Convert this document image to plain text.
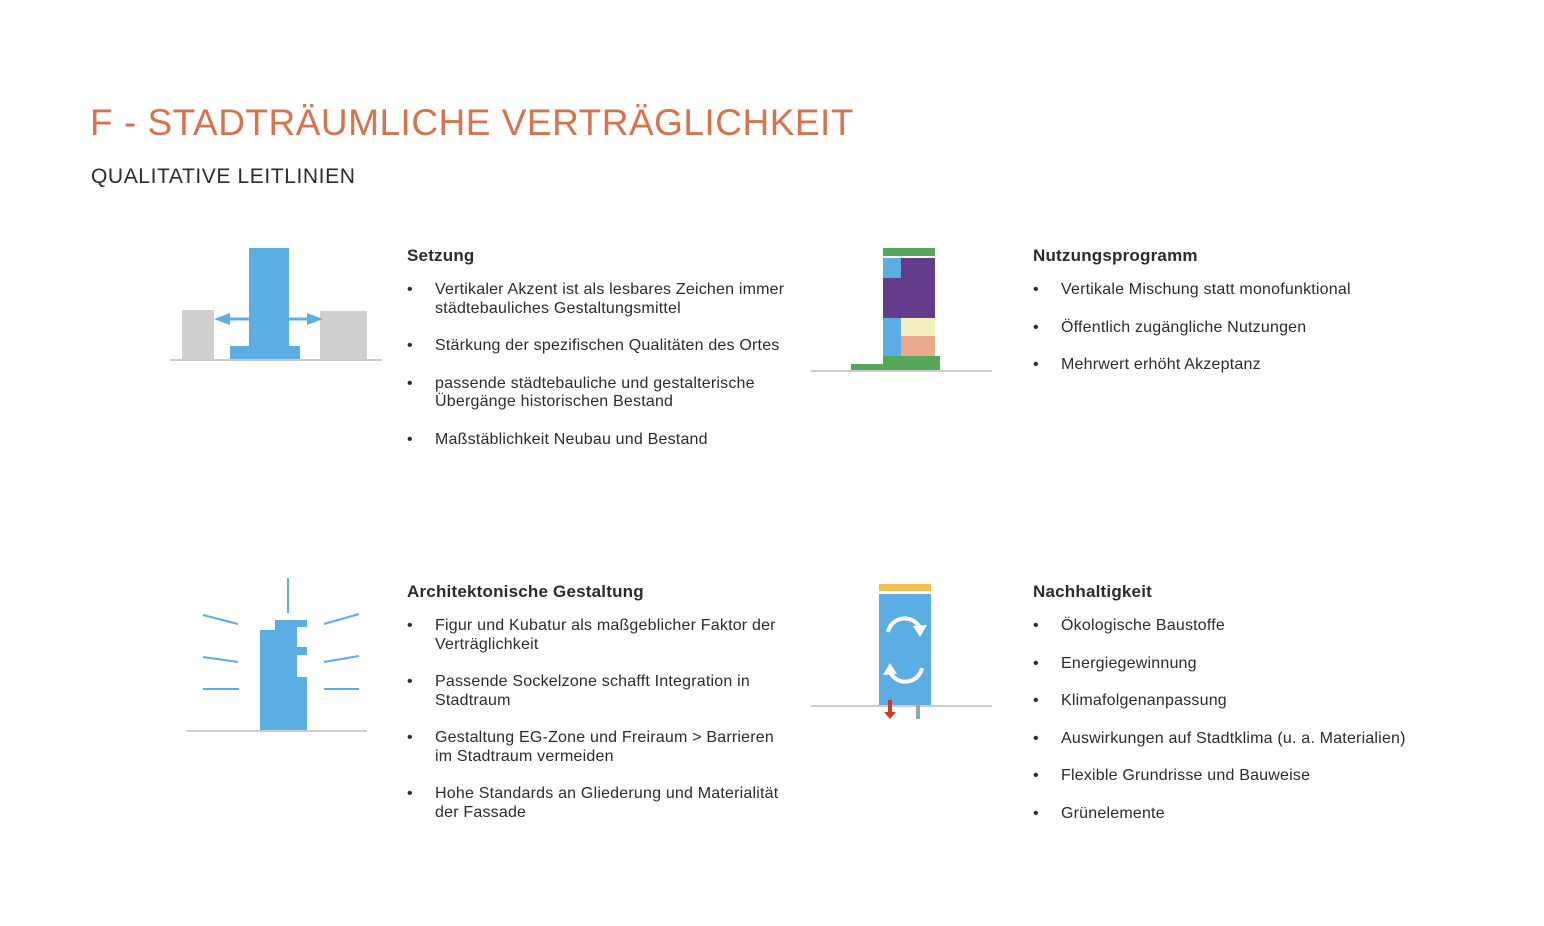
F - STADTRÄUMLICHE VERTRÄGLICHKEIT
QUALITATIVE LEITLINIEN
Setzung
• Vertikaler Akzent ist als lesbares Zeichen immer städtebauliches Gestaltungsmittel
• Stärkung der spezifischen Qualitäten des Ortes
• passende städtebauliche und gestalterische Übergänge historischen Bestand
• Maßstäblichkeit Neubau und Bestand
Nutzungsprogramm
• Vertikale Mischung statt monofunktional
• Öffentlich zugängliche Nutzungen
• Mehrwert erhöht Akzeptanz
Architektonische Gestaltung
• Figur und Kubatur als maßgeblicher Faktor der Verträglichkeit
• Passende Sockelzone schafft Integration in Stadtraum
• Gestaltung EG-Zone und Freiraum > Barrieren im Stadtraum vermeiden
• Hohe Standards an Gliederung und Materialität der Fassade
Nachhaltigkeit
• Ökologische Baustoffe
• Energiegewinnung
• Klimafolgenanpassung
• Auswirkungen auf Stadtklima (u. a. Materialien)
• Flexible Grundrisse und Bauweise
• Grünelemente
